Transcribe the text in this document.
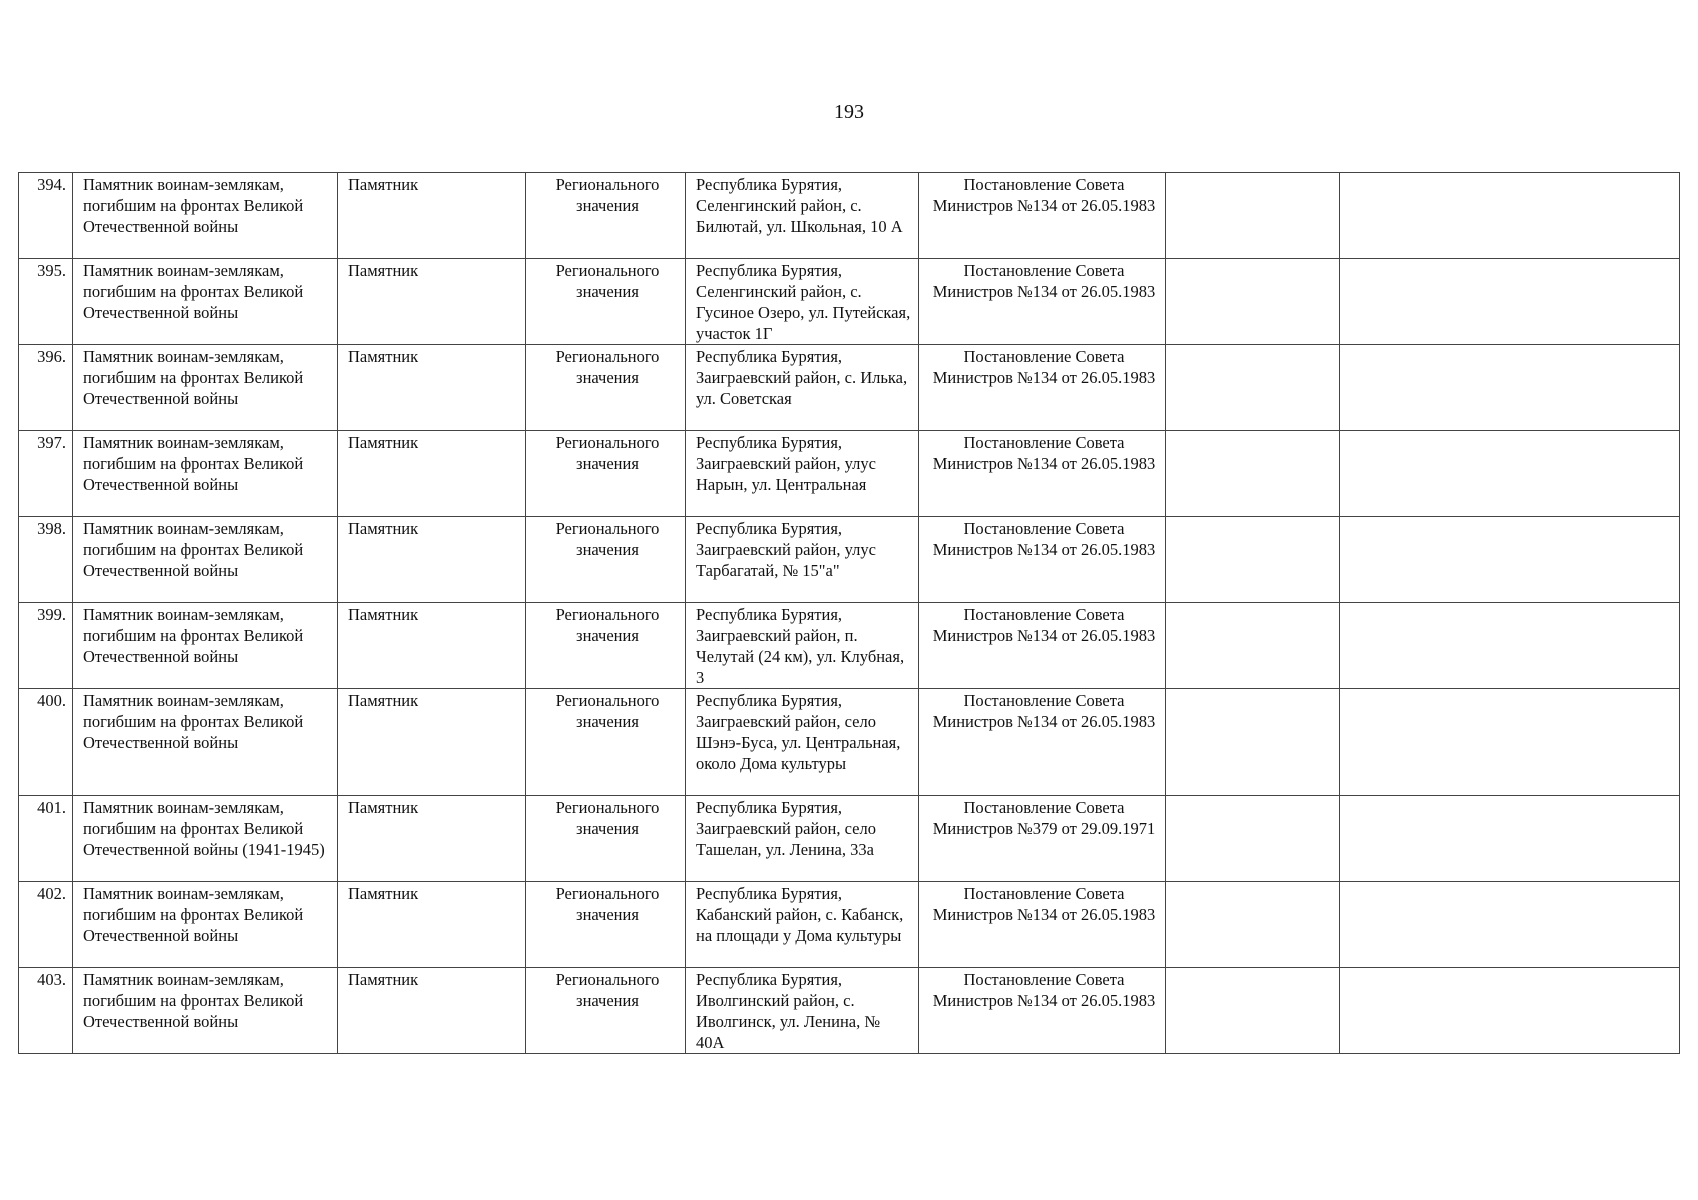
193
394.	Памятник воинам-землякам, погибшим на фронтах Великой Отечественной войны	Памятник	Регионального значения	Республика Бурятия, Селенгинский район, с. Билютай, ул. Школьная, 10 А	Постановление Совета Министров №134 от 26.05.1983		
395.	Памятник воинам-землякам, погибшим на фронтах Великой Отечественной войны	Памятник	Регионального значения	Республика Бурятия, Селенгинский район, с. Гусиное Озеро, ул. Путейская, участок 1Г	Постановление Совета Министров №134 от 26.05.1983		
396.	Памятник воинам-землякам, погибшим на фронтах Великой Отечественной войны	Памятник	Регионального значения	Республика Бурятия, Заиграевский район, с. Илька, ул. Советская	Постановление Совета Министров №134 от 26.05.1983		
397.	Памятник воинам-землякам, погибшим на фронтах Великой Отечественной войны	Памятник	Регионального значения	Республика Бурятия, Заиграевский район, улус Нарын, ул. Центральная	Постановление Совета Министров №134 от 26.05.1983		
398.	Памятник воинам-землякам, погибшим на фронтах Великой Отечественной войны	Памятник	Регионального значения	Республика Бурятия, Заиграевский район, улус Тарбагатай, № 15"а"	Постановление Совета Министров №134 от 26.05.1983		
399.	Памятник воинам-землякам, погибшим на фронтах Великой Отечественной войны	Памятник	Регионального значения	Республика Бурятия, Заиграевский район, п. Челутай (24 км), ул. Клубная, 3	Постановление Совета Министров №134 от 26.05.1983		
400.	Памятник воинам-землякам, погибшим на фронтах Великой Отечественной войны	Памятник	Регионального значения	Республика Бурятия, Заиграевский район, село Шэнэ-Буса, ул. Центральная, около Дома культуры	Постановление Совета Министров №134 от 26.05.1983		
401.	Памятник воинам-землякам, погибшим на фронтах Великой Отечественной войны (1941-1945)	Памятник	Регионального значения	Республика Бурятия, Заиграевский район, село Ташелан, ул. Ленина, 33а	Постановление Совета Министров №379 от 29.09.1971		
402.	Памятник воинам-землякам, погибшим на фронтах Великой Отечественной войны	Памятник	Регионального значения	Республика Бурятия, Кабанский район, с. Кабанск, на площади у Дома культуры	Постановление Совета Министров №134 от 26.05.1983		
403.	Памятник воинам-землякам, погибшим на фронтах Великой Отечественной войны	Памятник	Регионального значения	Республика Бурятия, Иволгинский район, с. Иволгинск, ул. Ленина, № 40А	Постановление Совета Министров №134 от 26.05.1983		
